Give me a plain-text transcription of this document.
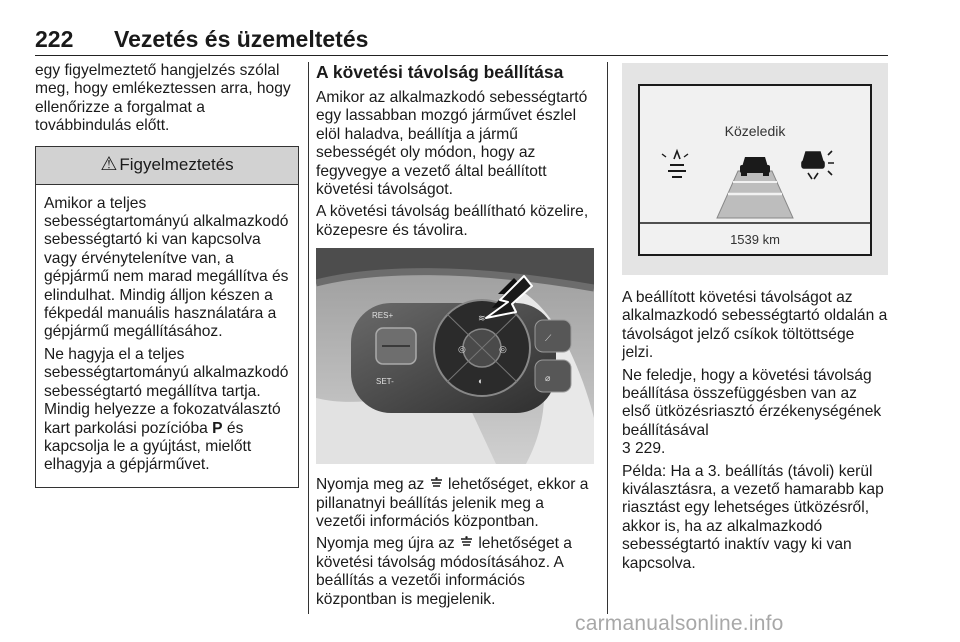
222 Vezetés és üzemeltetés

egy figyelmeztető hangjelzés szólal meg, hogy emlékeztessen arra, hogy ellenőrizze a forgalmat a továbbindulás előtt.

⚠ Figyelmeztetés

Amikor a teljes sebességtartományú alkalmazkodó sebességtartó ki van kapcsolva vagy érvénytelenítve van, a gépjármű nem marad megállítva és elindulhat. Mindig álljon készen a fékpedál manuális használatára a gépjármű megállításához.

Ne hagyja el a teljes sebességtartományú alkalmazkodó sebességtartó megállítva tartja. Mindig helyezze a fokozatválasztó kart parkolási pozícióba P és kapcsolja le a gyújtást, mielőtt elhagyja a gépjárművet.

A követési távolság beállítása

Amikor az alkalmazkodó sebességtartó egy lassabban mozgó járművet észlel elöl haladva, beállítja a jármű sebességét oly módon, hogy az fegyvegye a vezető által beállított követési távolságot.

A követési távolság beállítható közelire, közepesre és távolira.

RES+
SET-
≋
◎	◎
◐
⟋
⌀

Nyomja meg az  lehetőséget, ekkor a pillanatnyi beállítás jelenik meg a vezetői információs központban.

Nyomja meg újra az  lehetőséget a követési távolság módosításához. A beállítás a vezetői információs központban is megjelenik.

Közeledik
1539 km

A beállított követési távolságot az alkalmazkodó sebességtartó oldalán a távolságot jelző csíkok töltöttsége jelzi.

Ne feledje, hogy a követési távolság beállítása összefüggésben van az első ütközésriasztó érzékenységének beállításával
3 229.

Példa: Ha a 3. beállítás (távoli) kerül kiválasztásra, a vezető hamarabb kap riasztást egy lehetséges ütközésről, akkor is, ha az alkalmazkodó sebességtartó inaktív vagy ki van kapcsolva.

carmanualsonline.info
